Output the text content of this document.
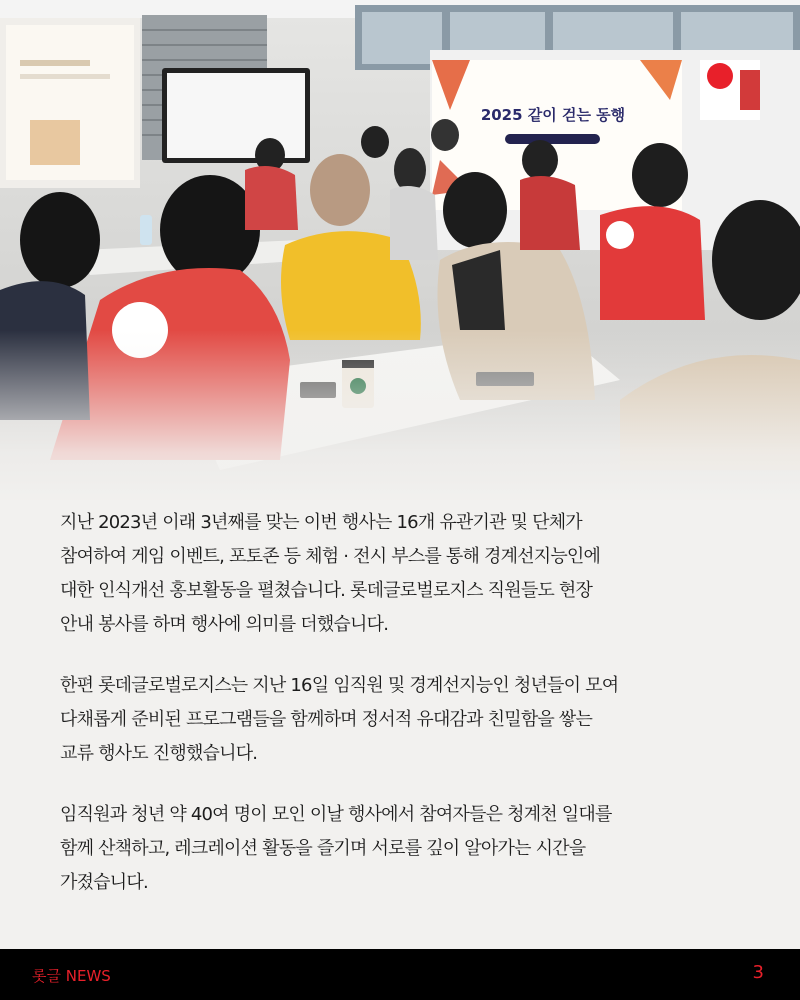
2025 같이 걷는 동행

지난 2023년 이래 3년째를 맞는 이번 행사는 16개 유관기관 및 단체가
참여하여 게임 이벤트, 포토존 등 체험 · 전시 부스를 통해 경계선지능인에
대한 인식개선 홍보활동을 펼쳤습니다. 롯데글로벌로지스 직원들도 현장
안내 봉사를 하며 행사에 의미를 더했습니다.

한편 롯데글로벌로지스는 지난 16일 임직원 및 경계선지능인 청년들이 모여
다채롭게 준비된 프로그램들을 함께하며 정서적 유대감과 친밀함을 쌓는
교류 행사도 진행했습니다.

임직원과 청년 약 40여 명이 모인 이날 행사에서 참여자들은 청계천 일대를
함께 산책하고, 레크레이션 활동을 즐기며 서로를 깊이 알아가는 시간을
가졌습니다.

롯글 NEWS	3
